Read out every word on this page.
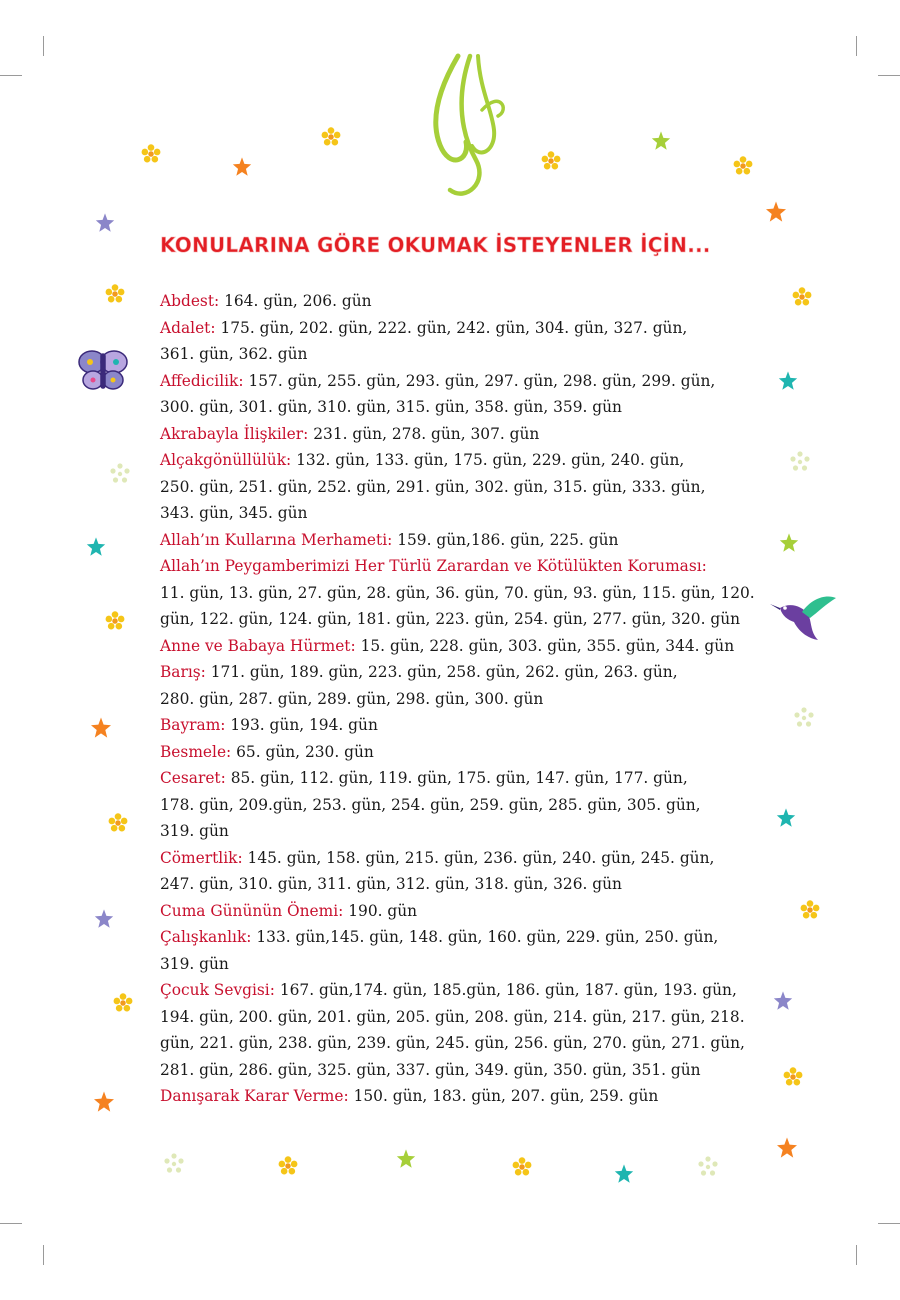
KONULARINA GÖRE OKUMAK İSTEYENLER İÇİN...
Abdest: 164. gün, 206. gün
Adalet: 175. gün, 202. gün, 222. gün, 242. gün, 304. gün, 327. gün,
361. gün, 362. gün
Affedicilik: 157. gün, 255. gün, 293. gün, 297. gün, 298. gün, 299. gün,
300. gün, 301. gün, 310. gün, 315. gün, 358. gün, 359. gün
Akrabayla İlişkiler: 231. gün, 278. gün, 307. gün
Alçakgönüllülük: 132. gün, 133. gün, 175. gün, 229. gün, 240. gün,
250. gün, 251. gün, 252. gün, 291. gün, 302. gün, 315. gün, 333. gün,
343. gün, 345. gün
Allah’ın Kullarına Merhameti: 159. gün,186. gün, 225. gün
Allah’ın Peygamberimizi Her Türlü Zarardan ve Kötülükten Koruması:
11. gün, 13. gün, 27. gün, 28. gün, 36. gün, 70. gün, 93. gün, 115. gün, 120.
gün, 122. gün, 124. gün, 181. gün, 223. gün, 254. gün, 277. gün, 320. gün
Anne ve Babaya Hürmet: 15. gün, 228. gün, 303. gün, 355. gün, 344. gün
Barış: 171. gün, 189. gün, 223. gün, 258. gün, 262. gün, 263. gün,
280. gün, 287. gün, 289. gün, 298. gün, 300. gün
Bayram: 193. gün, 194. gün
Besmele: 65. gün, 230. gün
Cesaret: 85. gün, 112. gün, 119. gün, 175. gün, 147. gün, 177. gün,
178. gün, 209.gün, 253. gün, 254. gün, 259. gün, 285. gün, 305. gün,
319. gün
Cömertlik: 145. gün, 158. gün, 215. gün, 236. gün, 240. gün, 245. gün,
247. gün, 310. gün, 311. gün, 312. gün, 318. gün, 326. gün
Cuma Gününün Önemi: 190. gün
Çalışkanlık: 133. gün,145. gün, 148. gün, 160. gün, 229. gün, 250. gün,
319. gün
Çocuk Sevgisi: 167. gün,174. gün, 185.gün, 186. gün, 187. gün, 193. gün,
194. gün, 200. gün, 201. gün, 205. gün, 208. gün, 214. gün, 217. gün, 218.
gün, 221. gün, 238. gün, 239. gün, 245. gün, 256. gün, 270. gün, 271. gün,
281. gün, 286. gün, 325. gün, 337. gün, 349. gün, 350. gün, 351. gün
Danışarak Karar Verme: 150. gün, 183. gün, 207. gün, 259. gün
